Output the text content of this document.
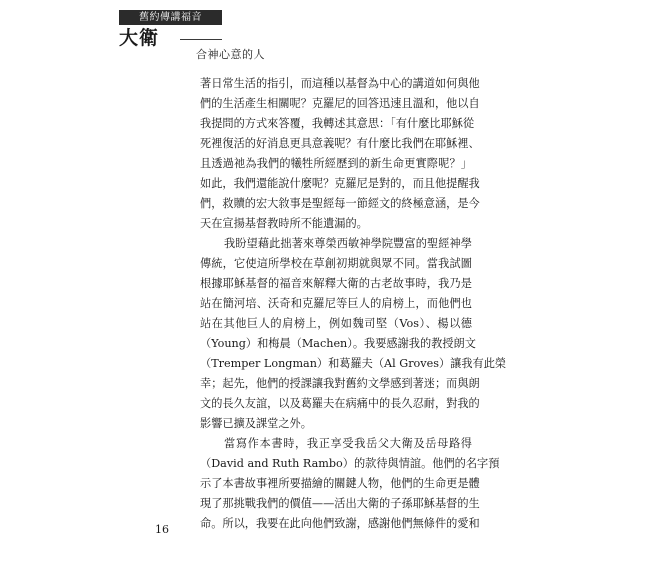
舊約傳講福音
大衛
合神心意的人
著日常生活的指引，而這種以基督為中心的講道如何與他
們的生活產生相關呢？克羅尼的回答迅速且溫和，他以自
我提問的方式來答覆，我轉述其意思：「有什麼比耶穌從
死裡復活的好消息更具意義呢？有什麼比我們在耶穌裡、
且透過祂為我們的犧牲所經歷到的新生命更實際呢？」
如此，我們還能說什麼呢？克羅尼是對的，而且他提醒我
們，救贖的宏大敘事是聖經每一節經文的終極意涵，是今
天在宣揚基督教時所不能遺漏的。
我盼望藉此拙著來尊榮西敏神學院豐富的聖經神學
傳統，它使這所學校在草創初期就與眾不同。當我試圖
根據耶穌基督的福音來解釋大衛的古老故事時，我乃是
站在簡河培、沃奇和克羅尼等巨人的肩榜上，而他們也
站在其他巨人的肩榜上，例如魏司堅（Vos）、楊以德
（Young）和梅晨（Machen）。我要感謝我的教授朗文
（Tremper Longman）和葛羅夫（Al Groves）讓我有此榮
幸；起先，他們的授課讓我對舊約文學感到著迷；而與朗
文的長久友誼，以及葛羅夫在病痛中的長久忍耐，對我的
影響已擴及課堂之外。
當寫作本書時，我正享受我岳父大衛及岳母路得
（David and Ruth Rambo）的款待與情誼。他們的名字預
示了本書故事裡所要描繪的關鍵人物，他們的生命更是體
現了那挑戰我們的價值——活出大衛的子孫耶穌基督的生
命。所以，我要在此向他們致謝，感謝他們無條件的愛和
16
